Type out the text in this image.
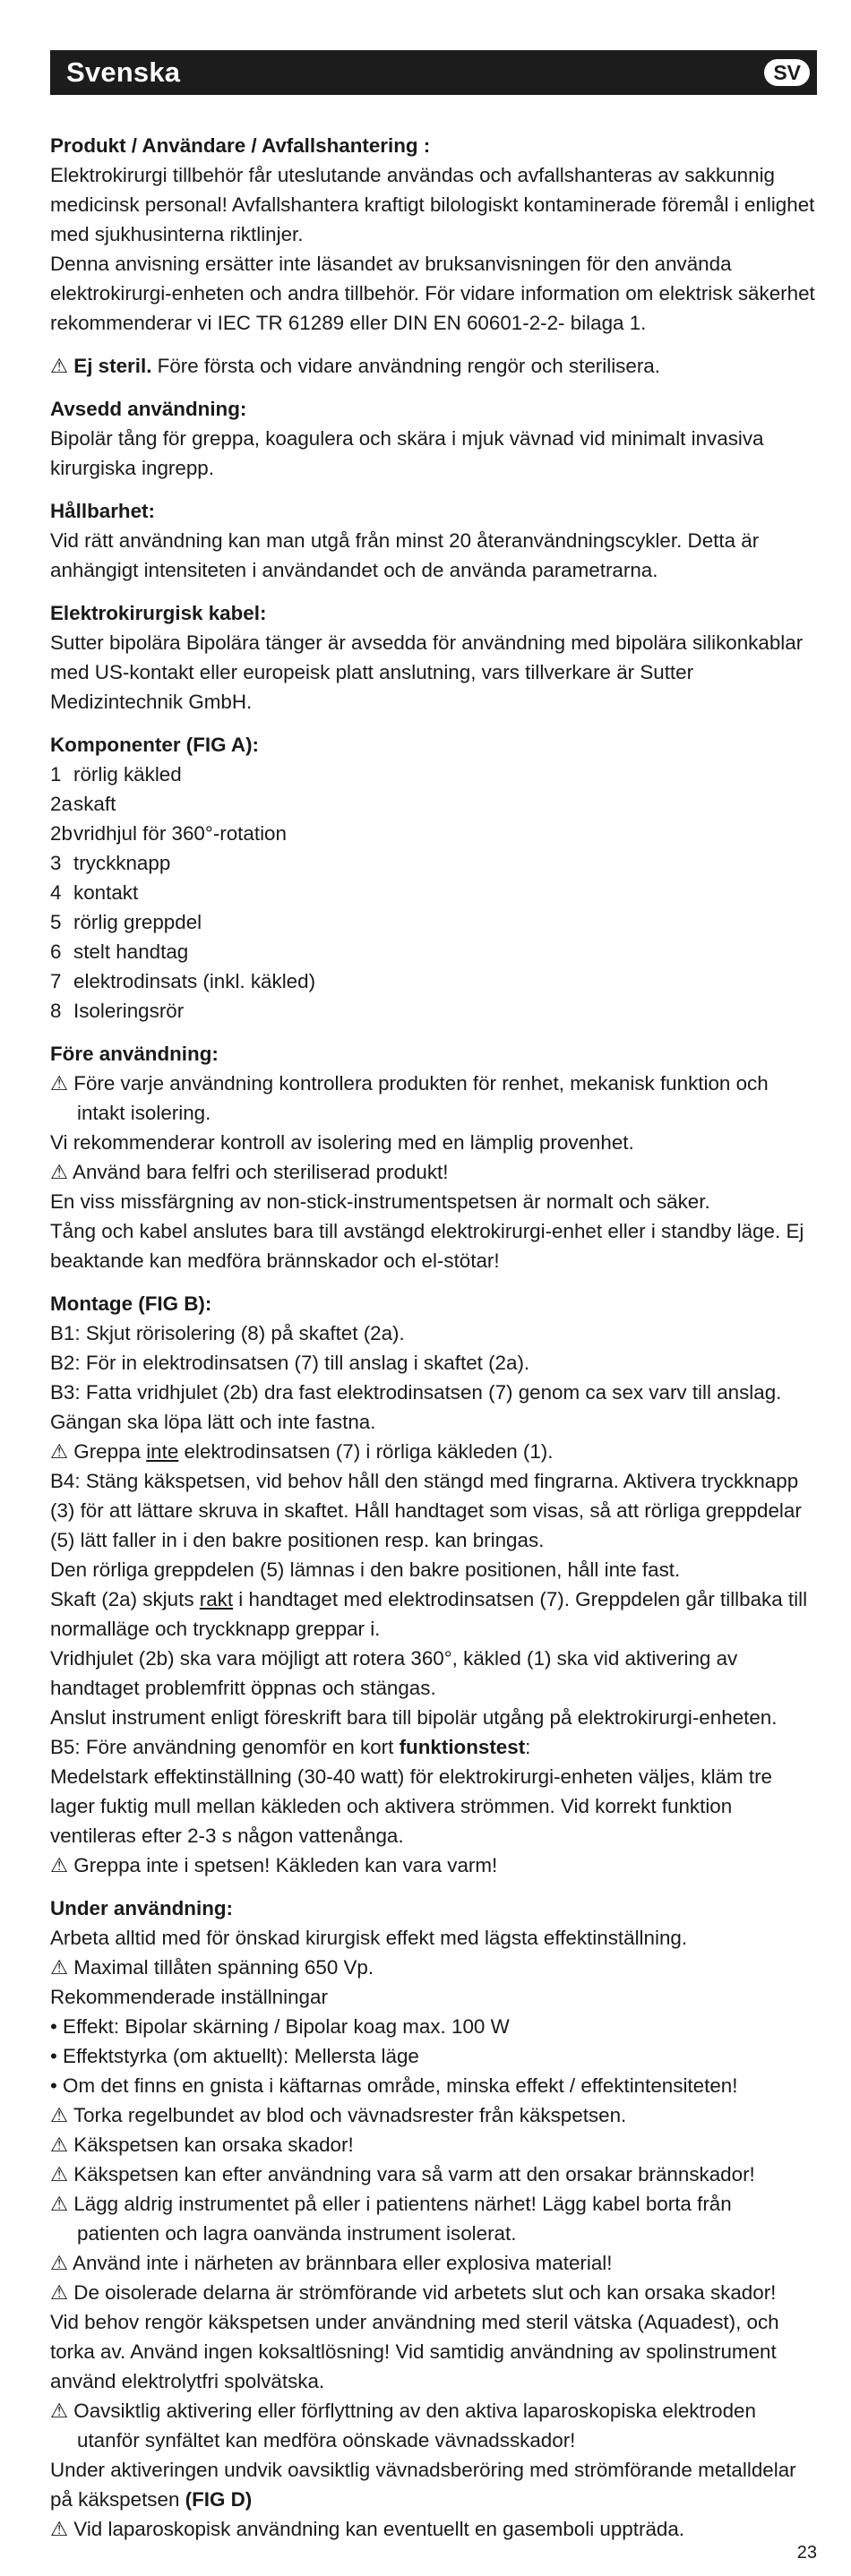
Svenska	SV

Produkt / Användare / Avfallshantering :

Elektrokirurgi tillbehör får uteslutande användas och avfallshanteras av sakkunnig medicinsk personal! Avfallshantera kraftigt bilologiskt kontaminerade föremål i enlighet med sjukhusinterna riktlinjer.

Denna anvisning ersätter inte läsandet av bruksanvisningen för den använda elektrokirurgi-enheten och andra tillbehör. För vidare information om elektrisk säkerhet rekommenderar vi IEC TR 61289 eller DIN EN 60601-2-2- bilaga 1.

⚠ Ej steril. Före första och vidare användning rengör och sterilisera.

Avsedd användning:

Bipolär tång för greppa, koagulera och skära i mjuk vävnad vid minimalt invasiva kirurgiska ingrepp.

Hållbarhet:

Vid rätt användning kan man utgå från minst 20 återanvändningscykler. Detta är anhängigt intensiteten i användandet och de använda parametrarna.

Elektrokirurgisk kabel:

Sutter bipolära Bipolära tänger är avsedda för användning med bipolära silikonkablar med US-kontakt eller europeisk platt anslutning, vars tillverkare är Sutter Medizintechnik GmbH.

Komponenter (FIG A):

1 rörlig käkled
2askaft
2bvridhjul för 360°-rotation
3 tryckknapp
4 kontakt
5 rörlig greppdel
6 stelt handtag
7 elektrodinsats (inkl. käkled)
8 Isoleringsrör

Före användning:

⚠ Före varje användning kontrollera produkten för renhet, mekanisk funktion och intakt isolering.

Vi rekommenderar kontroll av isolering med en lämplig provenhet.

⚠ Använd bara felfri och steriliserad produkt!

En viss missfärgning av non-stick-instrumentspetsen är normalt och säker.

Tång och kabel anslutes bara till avstängd elektrokirurgi-enhet eller i standby läge. Ej beaktande kan medföra brännskador och el-stötar!

Montage (FIG B):

B1: Skjut rörisolering (8) på skaftet (2a).

B2: För in elektrodinsatsen (7) till anslag i skaftet (2a).

B3: Fatta vridhjulet (2b) dra fast elektrodinsatsen (7) genom ca sex varv till anslag. Gängan ska löpa lätt och inte fastna.

⚠ Greppa inte elektrodinsatsen (7) i rörliga käkleden (1).

B4: Stäng käkspetsen, vid behov håll den stängd med fingrarna. Aktivera tryckknapp (3) för att lättare skruva in skaftet. Håll handtaget som visas, så att rörliga greppdelar (5) lätt faller in i den bakre positionen resp. kan bringas.

Den rörliga greppdelen (5) lämnas i den bakre positionen, håll inte fast.

Skaft (2a) skjuts rakt i handtaget med elektrodinsatsen (7). Greppdelen går tillbaka till normalläge och tryckknapp greppar i.

Vridhjulet (2b) ska vara möjligt att rotera 360°, käkled (1) ska vid aktivering av handtaget problemfritt öppnas och stängas.

Anslut instrument enligt föreskrift bara till bipolär utgång på elektrokirurgi-enheten.

B5: Före användning genomför en kort funktionstest:

Medelstark effektinställning (30-40 watt) för elektrokirurgi-enheten väljes, kläm tre lager fuktig mull mellan käkleden och aktivera strömmen. Vid korrekt funktion ventileras efter 2-3 s någon vattenånga.

⚠ Greppa inte i spetsen! Käkleden kan vara varm!

Under användning:

Arbeta alltid med för önskad kirurgisk effekt med lägsta effektinställning.

⚠ Maximal tillåten spänning 650 Vp.

Rekommenderade inställningar

• Effekt: Bipolar skärning / Bipolar koag max. 100 W

• Effektstyrka (om aktuellt): Mellersta läge

• Om det finns en gnista i käftarnas område, minska effekt / effektintensiteten!

⚠ Torka regelbundet av blod och vävnadsrester från käkspetsen.

⚠ Käkspetsen kan orsaka skador!

⚠ Käkspetsen kan efter användning vara så varm att den orsakar brännskador!

⚠ Lägg aldrig instrumentet på eller i patientens närhet! Lägg kabel borta från patienten och lagra oanvända instrument isolerat.

⚠ Använd inte i närheten av brännbara eller explosiva material!

⚠ De oisolerade delarna är strömförande vid arbetets slut och kan orsaka skador!

Vid behov rengör käkspetsen under användning med steril vätska (Aquadest), och torka av. Använd ingen koksaltlösning! Vid samtidig användning av spolinstrument använd elektrolytfri spolvätska.

⚠ Oavsiktlig aktivering eller förflyttning av den aktiva laparoskopiska elektroden utanför synfältet kan medföra oönskade vävnadsskador!

Under aktiveringen undvik oavsiktlig vävnadsberöring med strömförande metalldelar på käkspetsen (FIG D)

⚠ Vid laparoskopisk användning kan eventuellt en gasemboli uppträda.

23
